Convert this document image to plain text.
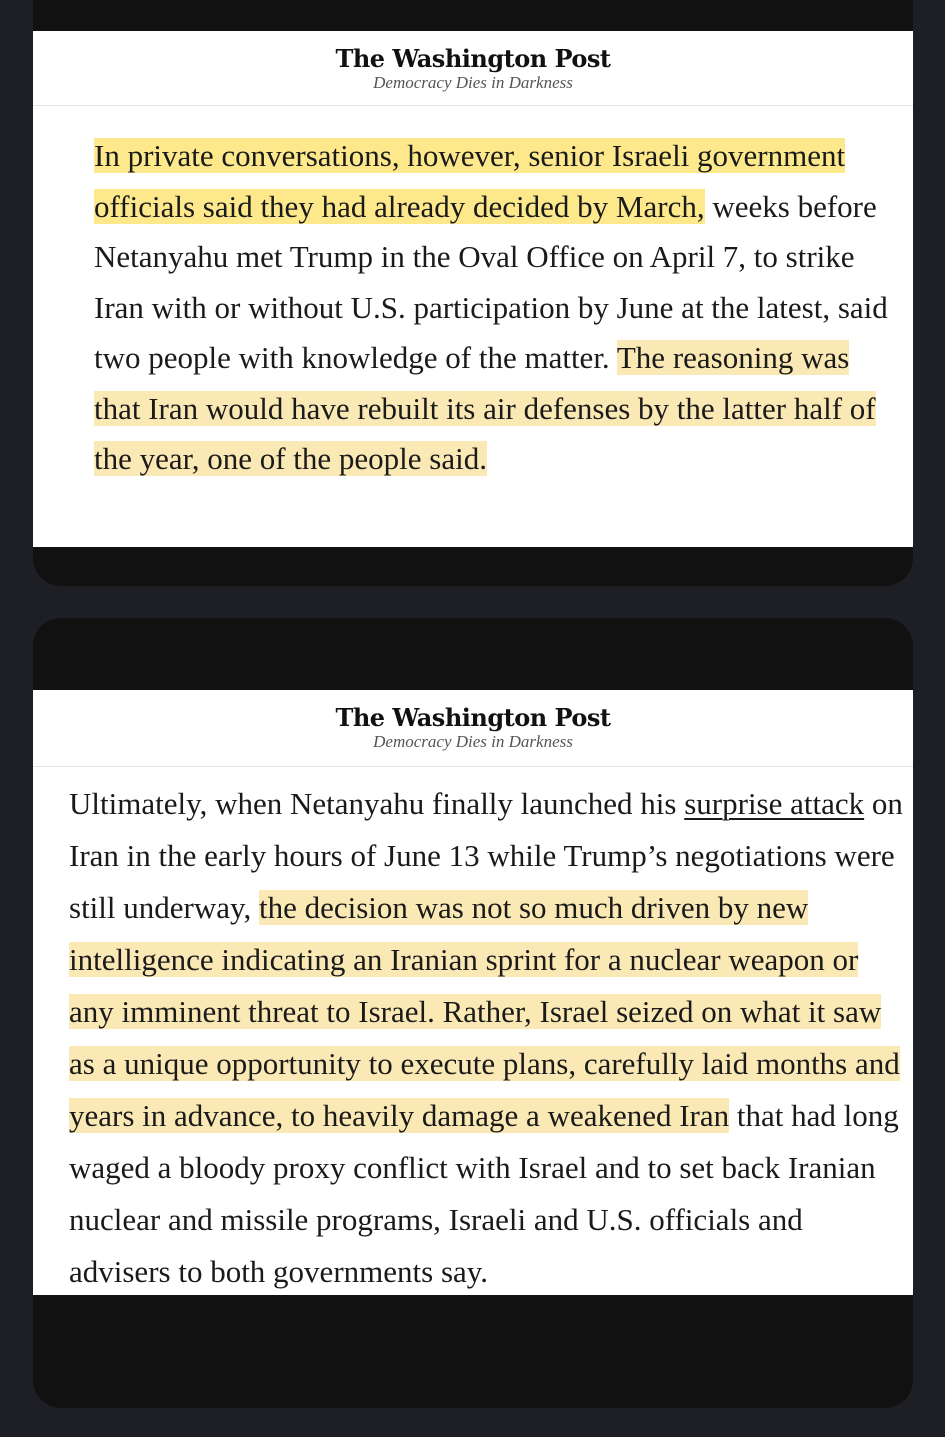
The Washington Post
Democracy Dies in Darkness

In private conversations, however, senior Israeli government officials said they had already decided by March, weeks before Netanyahu met Trump in the Oval Office on April 7, to strike Iran with or without U.S. participation by June at the latest, said two people with knowledge of the matter. The reasoning was that Iran would have rebuilt its air defenses by the latter half of the year, one of the people said.

The Washington Post
Democracy Dies in Darkness

Ultimately, when Netanyahu finally launched his surprise attack on Iran in the early hours of June 13 while Trump’s negotiations were still underway, the decision was not so much driven by new intelligence indicating an Iranian sprint for a nuclear weapon or any imminent threat to Israel. Rather, Israel seized on what it saw as a unique opportunity to execute plans, carefully laid months and years in advance, to heavily damage a weakened Iran that had long waged a bloody proxy conflict with Israel and to set back Iranian nuclear and missile programs, Israeli and U.S. officials and advisers to both governments say.
